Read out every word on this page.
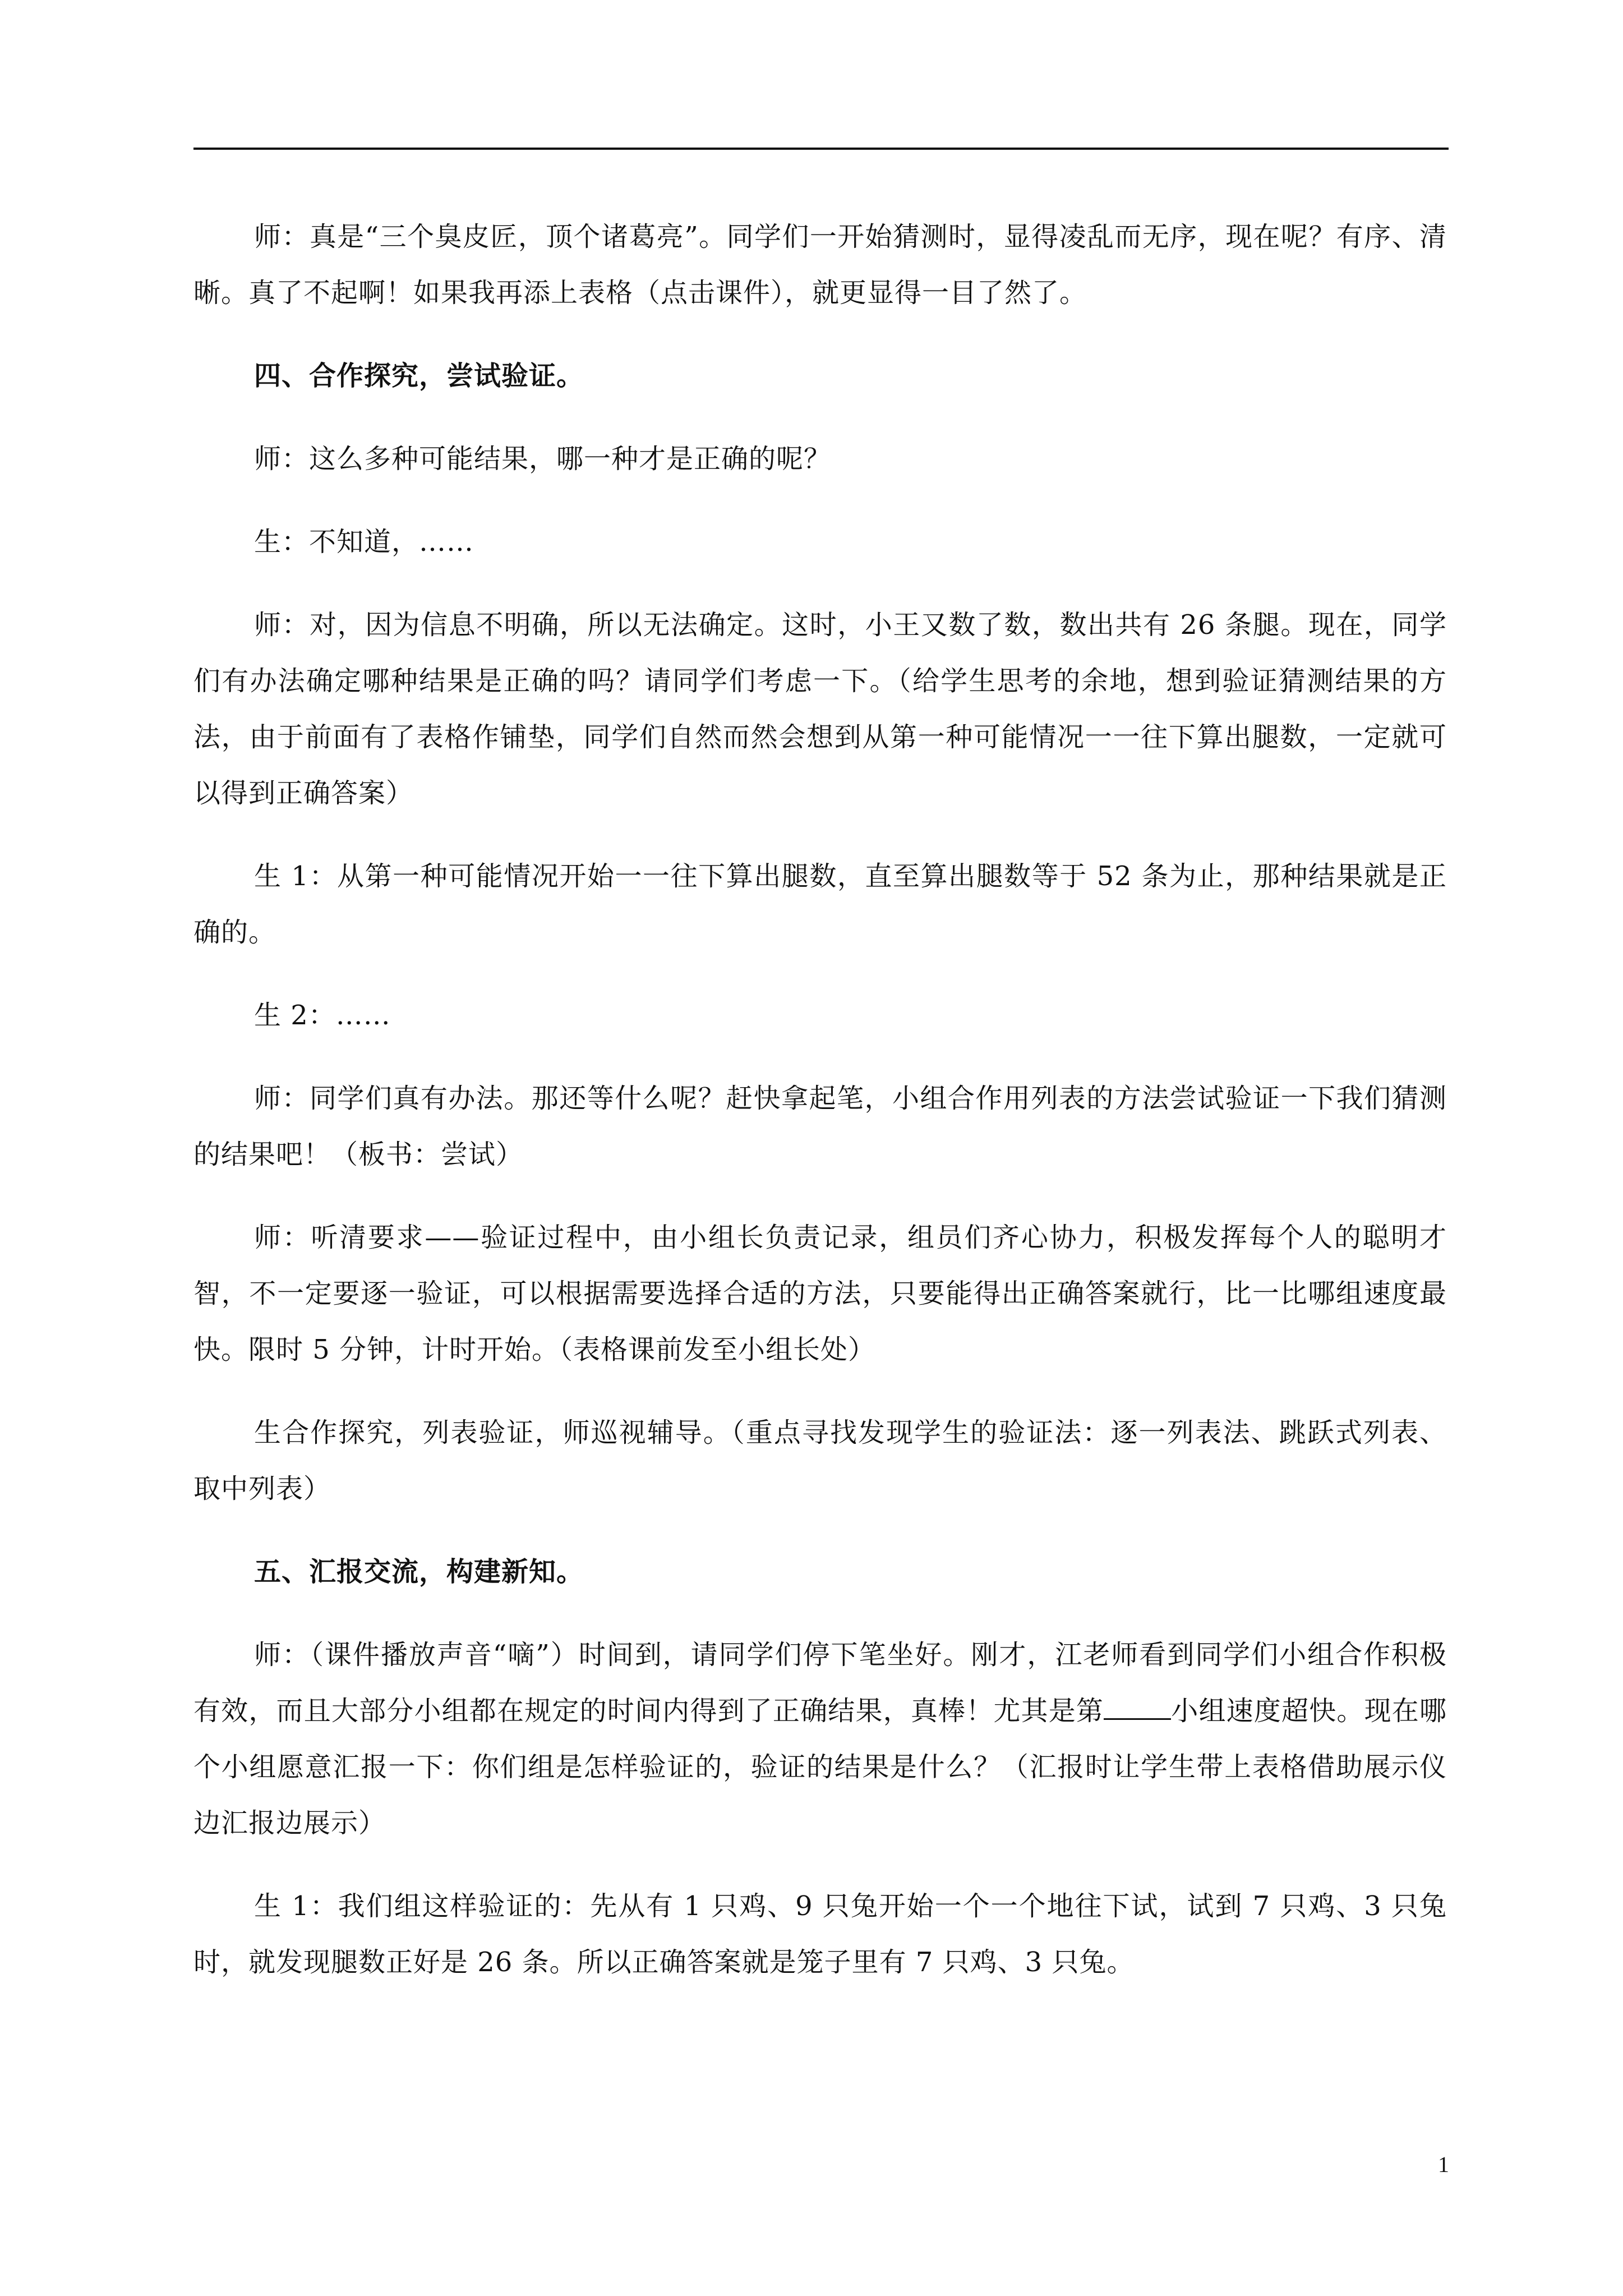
师：真是“三个臭皮匠，顶个诸葛亮”。同学们一开始猜测时，显得凌乱而无序，现在呢？有序、清晰。真了不起啊！如果我再添上表格（点击课件），就更显得一目了然了。

四、合作探究，尝试验证。

师：这么多种可能结果，哪一种才是正确的呢？

生：不知道，……

师：对，因为信息不明确，所以无法确定。这时，小王又数了数，数出共有 26 条腿。现在，同学们有办法确定哪种结果是正确的吗？请同学们考虑一下。（给学生思考的余地，想到验证猜测结果的方法，由于前面有了表格作铺垫，同学们自然而然会想到从第一种可能情况一一往下算出腿数，一定就可以得到正确答案）

生 1：从第一种可能情况开始一一往下算出腿数，直至算出腿数等于 52 条为止，那种结果就是正确的。

生 2：……

师：同学们真有办法。那还等什么呢？赶快拿起笔，小组合作用列表的方法尝试验证一下我们猜测的结果吧！（板书：尝试）

师：听清要求——验证过程中，由小组长负责记录，组员们齐心协力，积极发挥每个人的聪明才智，不一定要逐一验证，可以根据需要选择合适的方法，只要能得出正确答案就行，比一比哪组速度最快。限时 5 分钟，计时开始。（表格课前发至小组长处）

生合作探究，列表验证，师巡视辅导。（重点寻找发现学生的验证法：逐一列表法、跳跃式列表、取中列表）

五、汇报交流，构建新知。

师：（课件播放声音“嘀”）时间到，请同学们停下笔坐好。刚才，江老师看到同学们小组合作积极有效，而且大部分小组都在规定的时间内得到了正确结果，真棒！尤其是第	小组速度超快。现在哪个小组愿意汇报一下：你们组是怎样验证的，验证的结果是什么？（汇报时让学生带上表格借助展示仪边汇报边展示）

生 1：我们组这样验证的：先从有 1 只鸡、9 只兔开始一个一个地往下试，试到 7 只鸡、3 只兔时，就发现腿数正好是 26 条。所以正确答案就是笼子里有 7 只鸡、3 只兔。

1
